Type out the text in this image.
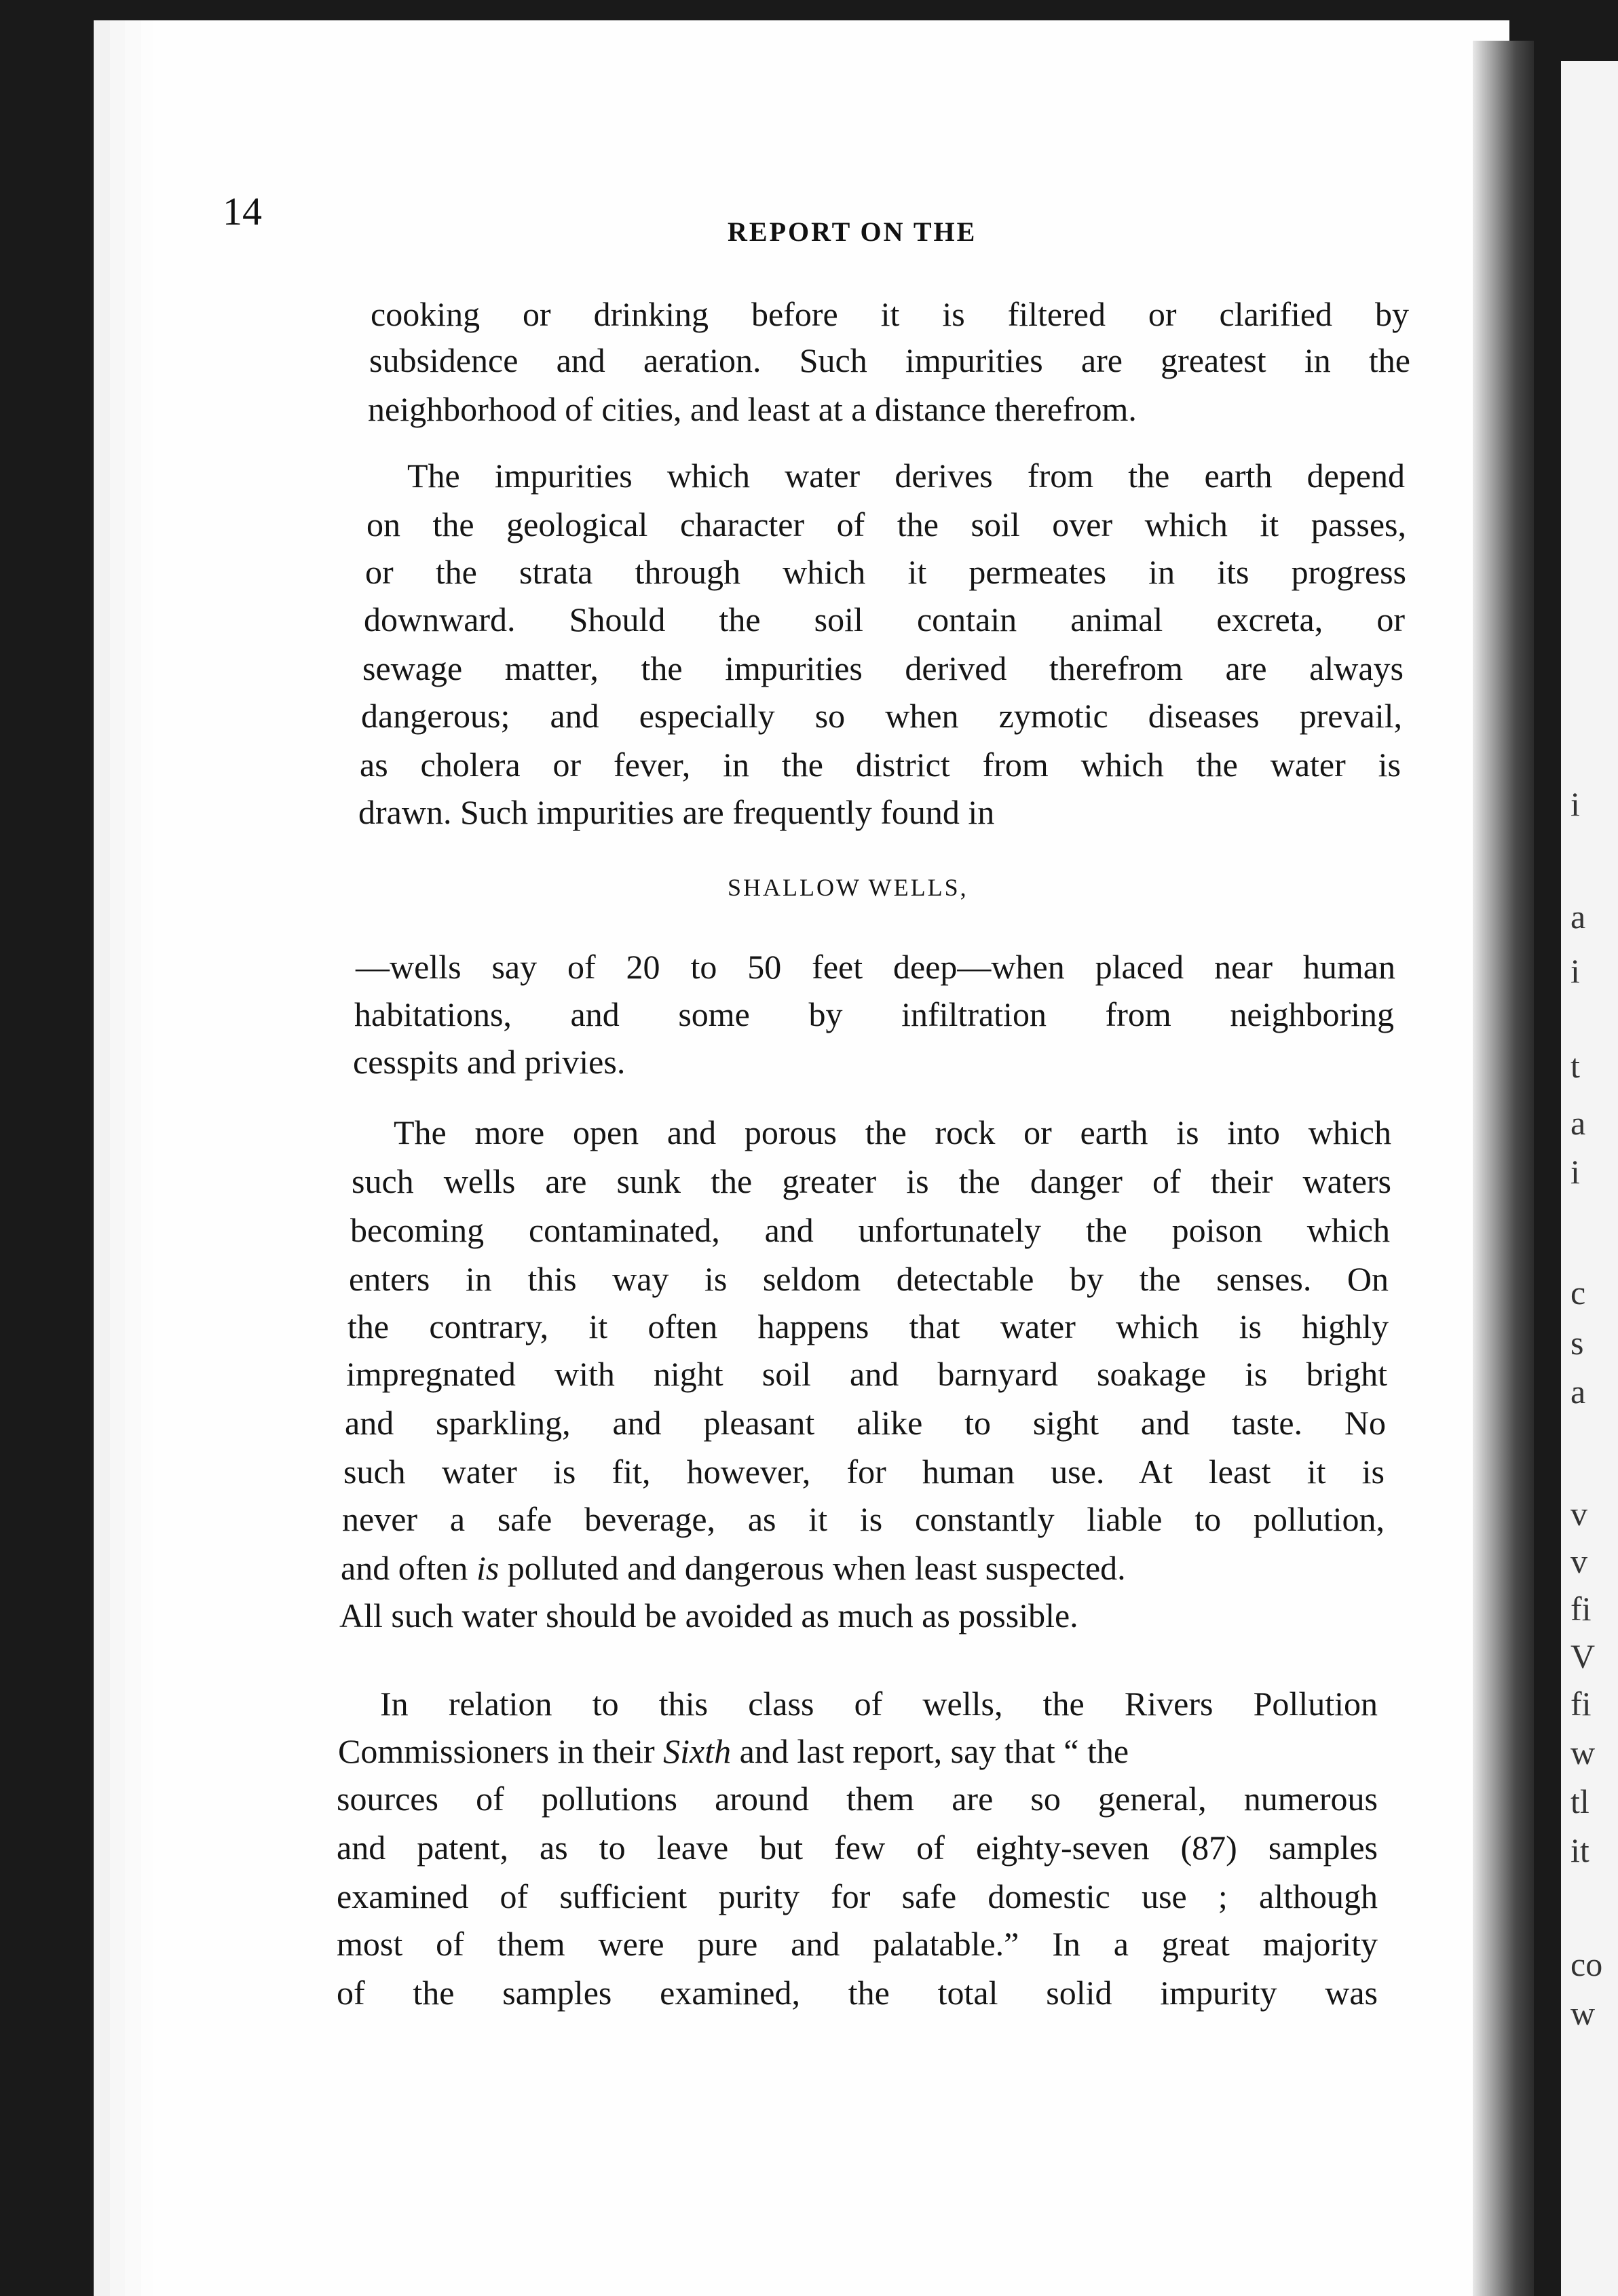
i
a
i
t
a
i
c
s
a
v
v
fi
V
fi
w
tl
it
co
w
14	REPORT ON THE
cooking or drinking before it is filtered or clarified by
subsidence and aeration. Such impurities are greatest in the
neighborhood of cities, and least at a distance therefrom.
The impurities which water derives from the earth depend
on the geological character of the soil over which it passes,
or the strata through which it permeates in its progress
downward. Should the soil contain animal excreta, or
sewage matter, the impurities derived therefrom are always
dangerous; and especially so when zymotic diseases prevail,
as cholera or fever, in the district from which the water is
drawn. Such impurities are frequently found in
SHALLOW WELLS,
—wells say of 20 to 50 feet deep—when placed near human
habitations, and some by infiltration from neighboring
cesspits and privies.
The more open and porous the rock or earth is into which
such wells are sunk the greater is the danger of their waters
becoming contaminated, and unfortunately the poison which
enters in this way is seldom detectable by the senses. On
the contrary, it often happens that water which is highly
impregnated with night soil and barnyard soakage is bright
and sparkling, and pleasant alike to sight and taste. No
such water is fit, however, for human use. At least it is
never a safe beverage, as it is constantly liable to pollution,
and often is polluted and dangerous when least suspected.
All such water should be avoided as much as possible.
In relation to this class of wells, the Rivers Pollution
Commissioners in their Sixth and last report, say that “ the
sources of pollutions around them are so general, numerous
and patent, as to leave but few of eighty-seven (87) samples
examined of sufficient purity for safe domestic use ; although
most of them were pure and palatable.” In a great majority
of the samples examined, the total solid impurity was
